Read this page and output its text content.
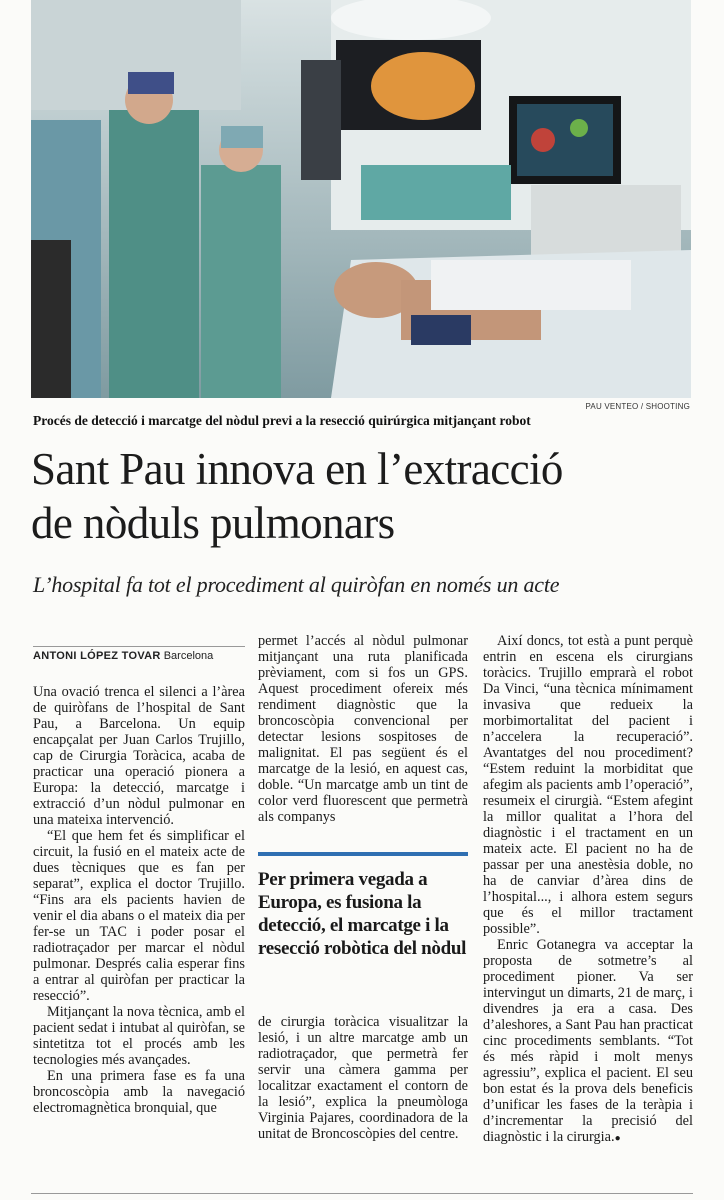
PAU VENTEO / SHOOTING
Procés de detecció i marcatge del nòdul previ a la resecció quirúrgica mitjançant robot
Sant Pau innova en l’extracció
de nòduls pulmonars
L’hospital fa tot el procediment al quiròfan en només un acte
ANTONI LÓPEZ TOVAR Barcelona

Una ovació trenca el silenci a l’àrea de quiròfans de l’hospital de Sant Pau, a Barcelona. Un equip encapçalat per Juan Carlos Trujillo, cap de Cirurgia Toràcica, acaba de practicar una operació pionera a Europa: la detecció, marcatge i extracció d’un nòdul pulmonar en una mateixa intervenció.

“El que hem fet és simplificar el circuit, la fusió en el mateix acte de dues tècniques que es fan per separat”, explica el doctor Trujillo. “Fins ara els pacients havien de venir el dia abans o el mateix dia per fer-se un TAC i poder posar el radiotraçador per marcar el nòdul pulmonar. Després calia esperar fins a entrar al quiròfan per practicar la resecció”.

Mitjançant la nova tècnica, amb el pacient sedat i intubat al quiròfan, se sintetitza tot el procés amb les tecnologies més avançades.

En una primera fase es fa una broncoscòpia amb la navegació electromagnètica bronquial, que

permet l’accés al nòdul pulmonar mitjançant una ruta planificada prèviament, com si fos un GPS. Aquest procediment ofereix més rendiment diagnòstic que la broncoscòpia convencional per detectar lesions sospitoses de malignitat. El pas següent és el marcatge de la lesió, en aquest cas, doble. “Un marcatge amb un tint de color verd fluorescent que permetrà als companys

Per primera vegada a Europa, es fusiona la detecció, el marcatge i la resecció robòtica del nòdul

de cirurgia toràcica visualitzar la lesió, i un altre marcatge amb un radiotraçador, que permetrà fer servir una càmera gamma per localitzar exactament el contorn de la lesió”, explica la pneumòloga Virginia Pajares, coordinadora de la unitat de Broncoscòpies del centre.

Així doncs, tot està a punt perquè entrin en escena els cirurgians toràcics. Trujillo emprarà el robot Da Vinci, “una tècnica mínimament invasiva que redueix la morbimortalitat del pacient i n’accelera la recuperació”. Avantatges del nou procediment? “Estem reduint la morbiditat que afegim als pacients amb l’operació”, resumeix el cirurgià. “Estem afegint la millor qualitat a l’hora del diagnòstic i el tractament en un mateix acte. El pacient no ha de passar per una anestèsia doble, no ha de canviar d’àrea dins de l’hospital..., i alhora estem segurs que és el millor tractament possible”.

Enric Gotanegra va acceptar la proposta de sotmetre’s al procediment pioner. Va ser intervingut un dimarts, 21 de març, i divendres ja era a casa. Des d’aleshores, a Sant Pau han practicat cinc procediments semblants. “Tot és més ràpid i molt menys agressiu”, explica el pacient. El seu bon estat és la prova dels beneficis d’unificar les fases de la teràpia i d’incrementar la precisió del diagnòstic i la cirurgia.●
